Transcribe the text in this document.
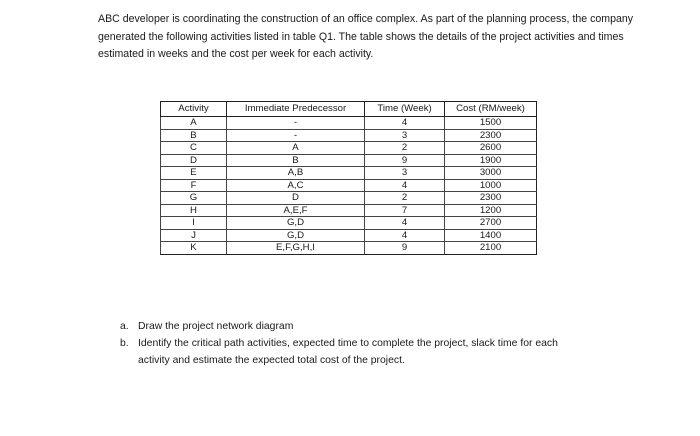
ABC developer is coordinating the construction of an office complex. As part of the planning process, the company generated the following activities listed in table Q1. The table shows the details of the project activities and times estimated in weeks and the cost per week for each activity.

Activity	Immediate Predecessor	Time (Week)	Cost (RM/week)
A	-	4	1500
B	-	3	2300
C	A	2	2600
D	B	9	1900
E	A,B	3	3000
F	A,C	4	1000
G	D	2	2300
H	A,E,F	7	1200
I	G,D	4	2700
J	G,D	4	1400
K	E,F,G,H,I	9	2100
a. Draw the project network diagram
b. Identify the critical path activities, expected time to complete the project, slack time for each activity and estimate the expected total cost of the project.
